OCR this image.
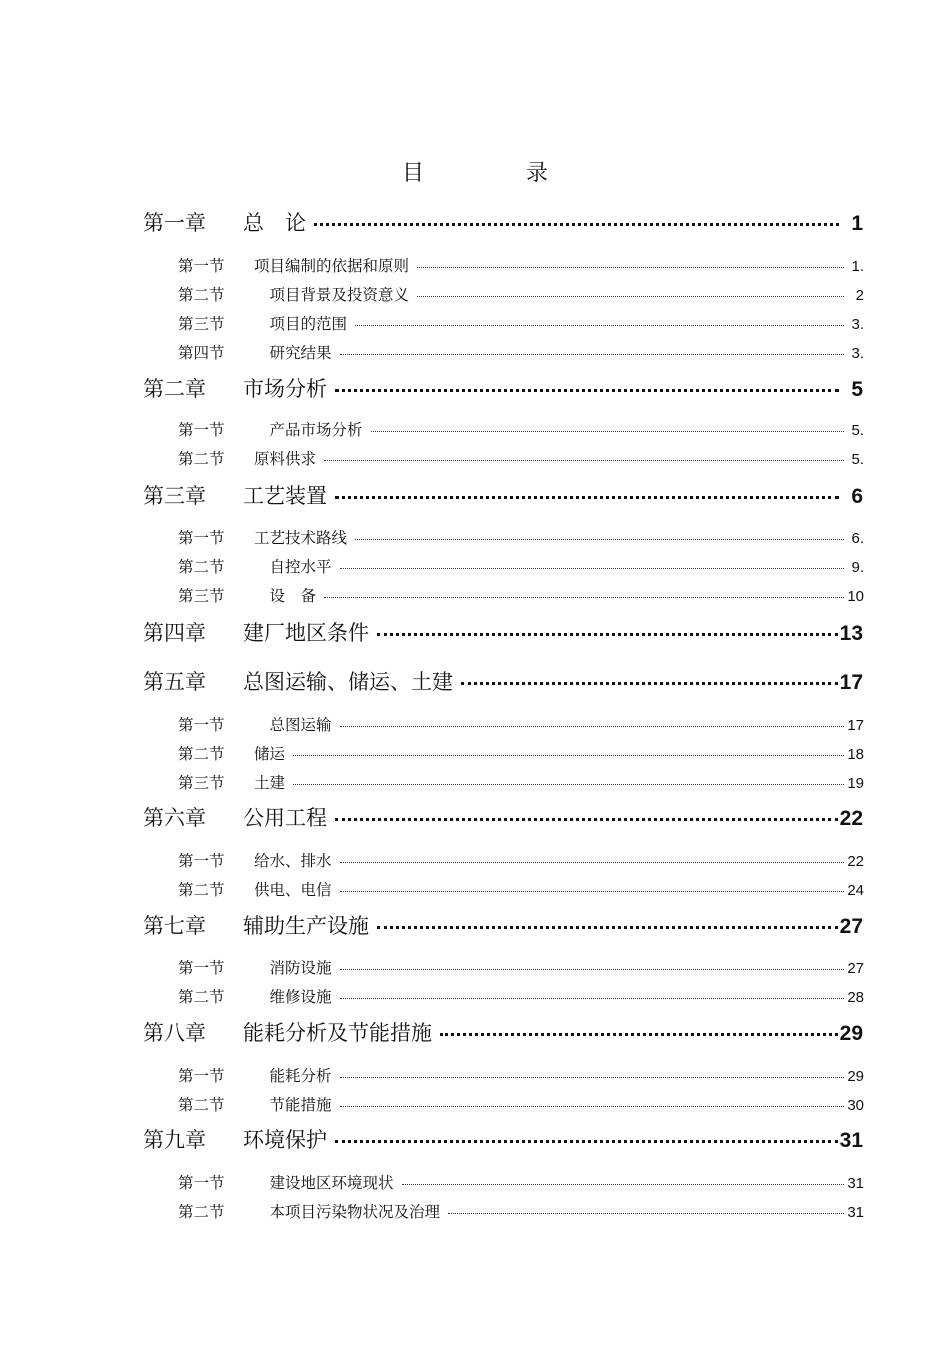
目　录
第一章	总　论	1
第一节	项目编制的依据和原则	1.
第二节	　项目背景及投资意义	2
第三节	　项目的范围	3.
第四节	　研究结果	3.
第二章	市场分析	5
第一节	　产品市场分析	5.
第二节	原料供求	5.
第三章	工艺装置	6
第一节	工艺技术路线	6.
第二节	　自控水平	9.
第三节	　设　备	10
第四章	建厂地区条件	13
第五章	总图运输、储运、土建	17
第一节	　总图运输	17
第二节	储运	18
第三节	土建	19
第六章	公用工程	22
第一节	给水、排水	22
第二节	供电、电信	24
第七章	辅助生产设施	27
第一节	　消防设施	27
第二节	　维修设施	28
第八章	能耗分析及节能措施	29
第一节	　能耗分析	29
第二节	　节能措施	30
第九章	环境保护	31
第一节	　建设地区环境现状	31
第二节	　本项目污染物状况及治理	31
